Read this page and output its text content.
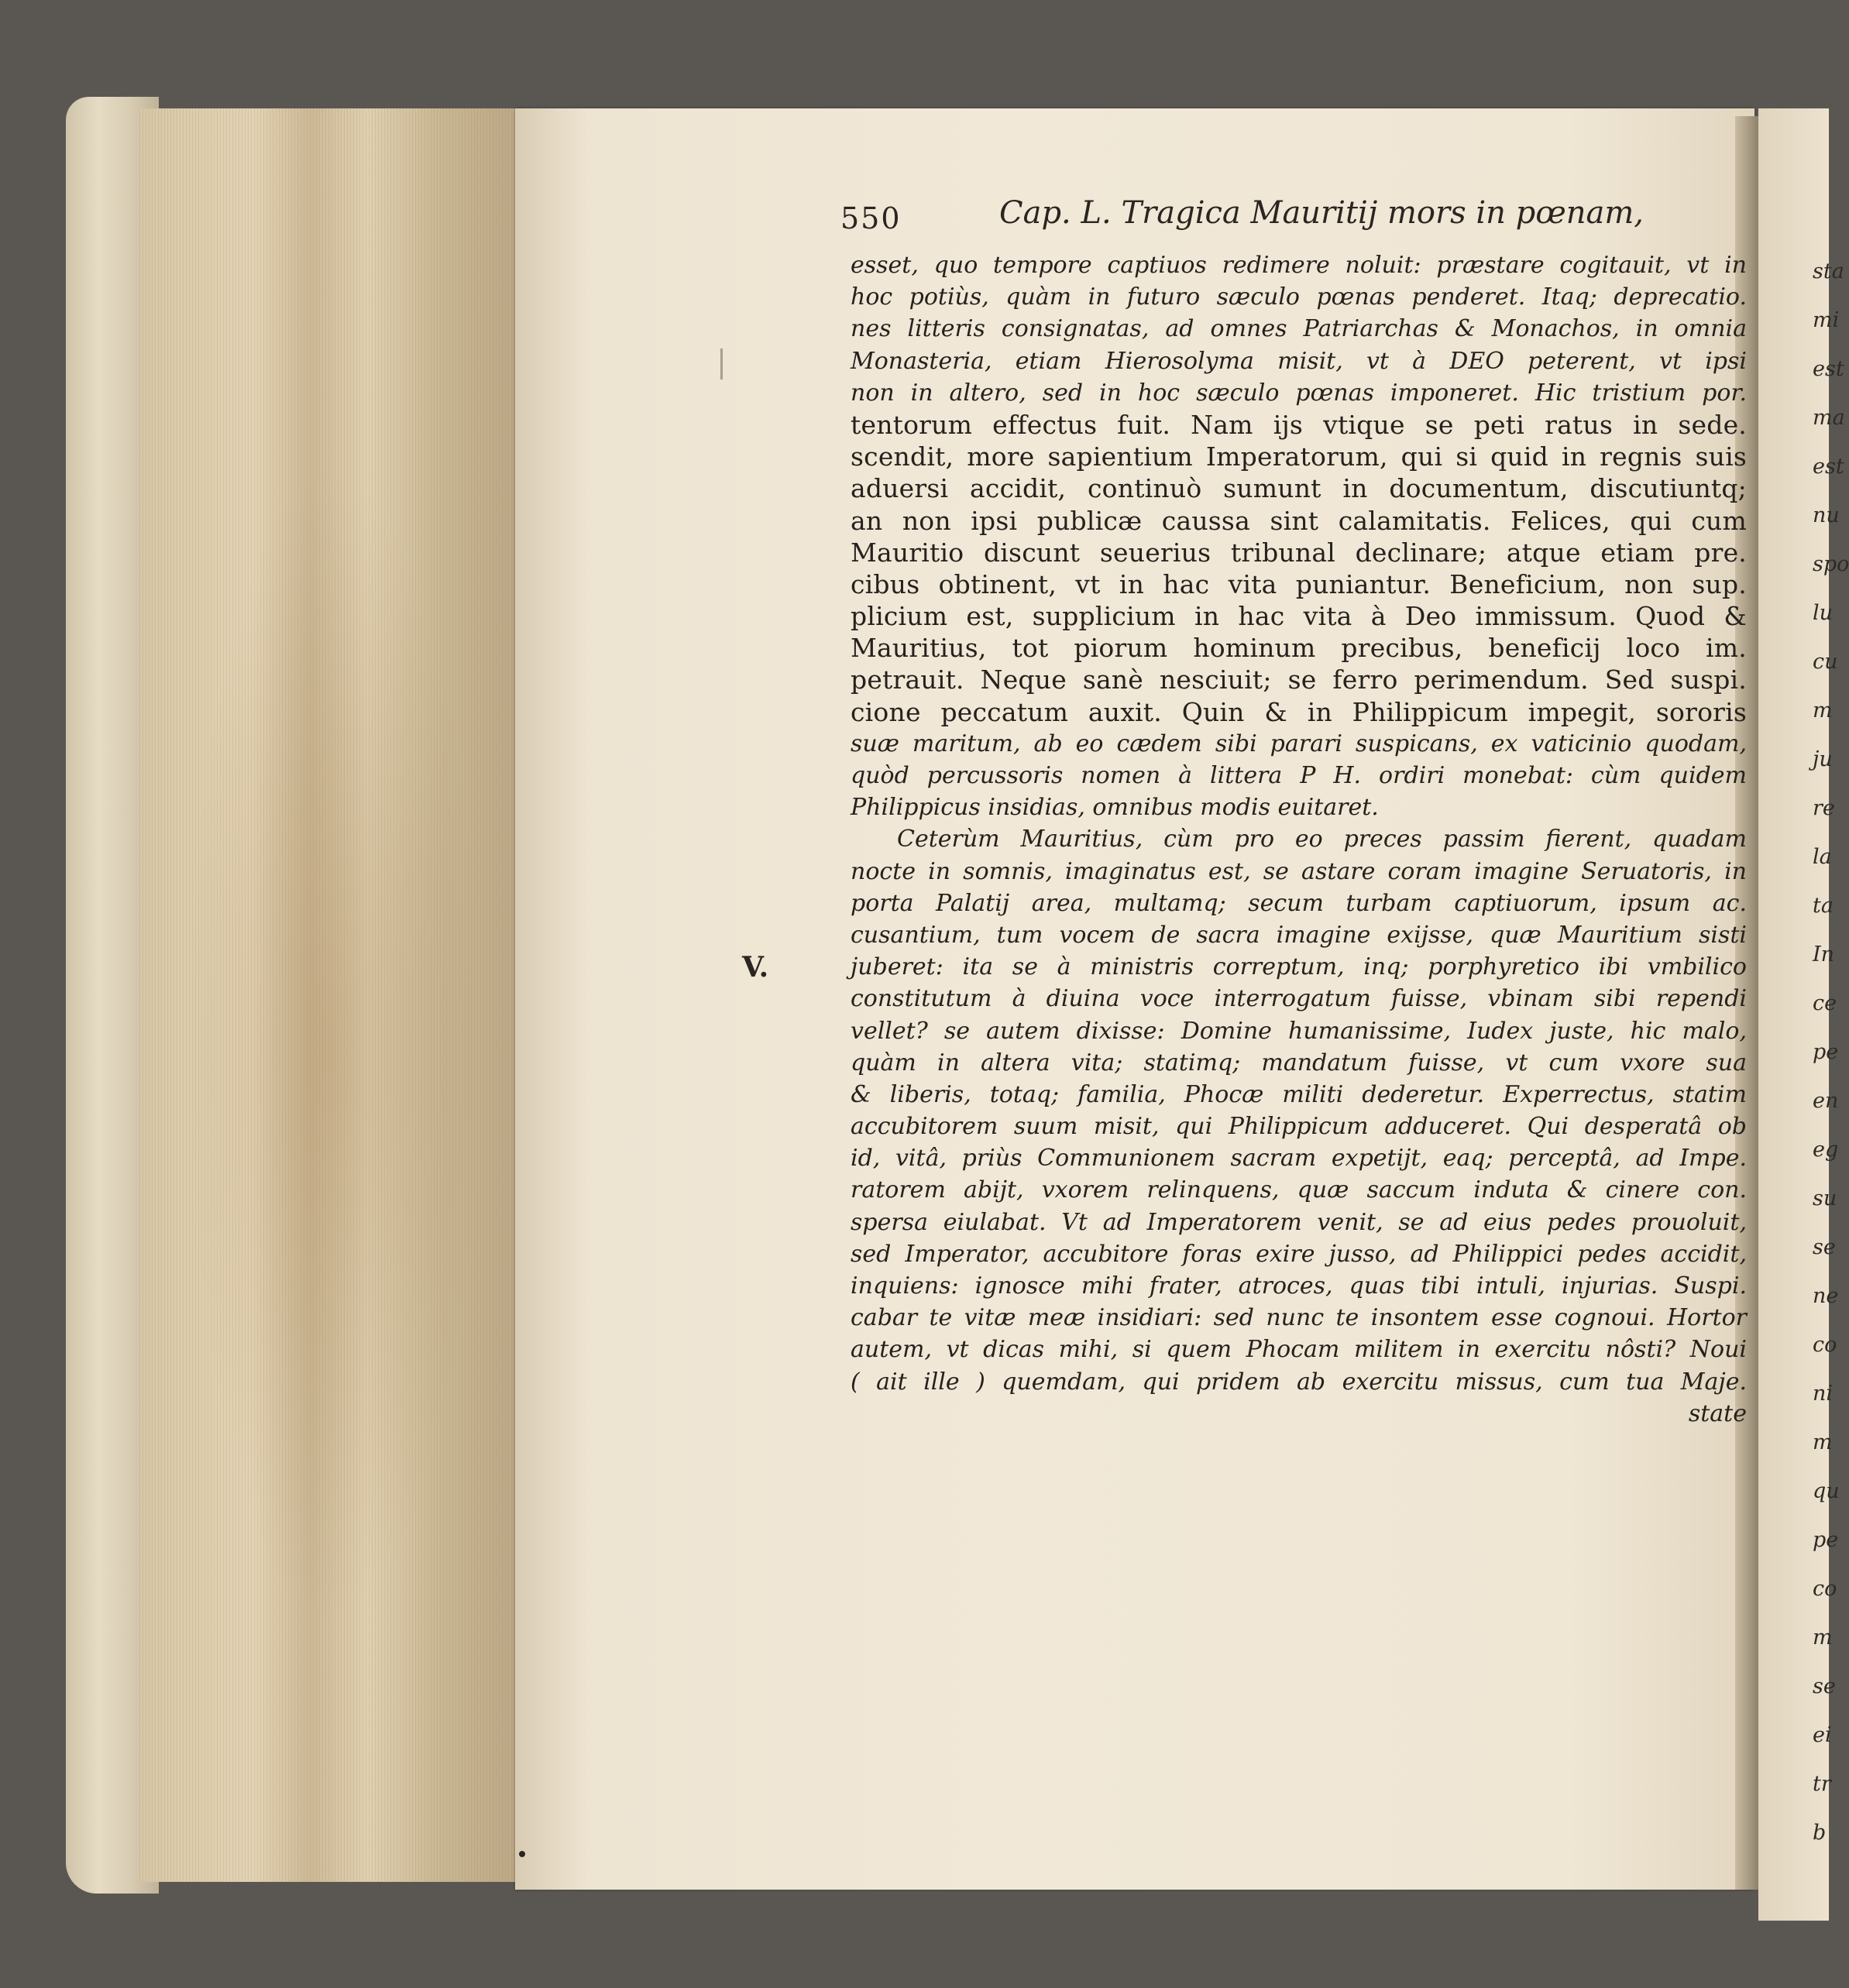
sta
mi
est
ma
est
nu
spo
lu
cu
m
ju
re
la
ta
In
ce
pe
en
eg
su
se
ne
co
ni
m
qu
pe
co
m
se
ei
tr
b
550	Cap. L. Tragica Mauritij mors in pœnam,
V.
esset, quo tempore captiuos redimere noluit: præstare cogitauit, vt in
hoc potiùs, quàm in futuro sæculo pœnas penderet. Itaq; deprecatio.
nes litteris consignatas, ad omnes Patriarchas & Monachos, in omnia
Monasteria, etiam Hierosolyma misit, vt à DEO peterent, vt ipsi
non in altero, sed in hoc sæculo pœnas imponeret. Hic tristium por.
tentorum effectus fuit. Nam ijs vtique se peti ratus in sede.
scendit, more sapientium Imperatorum, qui si quid in regnis suis
aduersi accidit, continuò sumunt in documentum, discutiuntq;
an non ipsi publicæ caussa sint calamitatis. Felices, qui cum
Mauritio discunt seuerius tribunal declinare; atque etiam pre.
cibus obtinent, vt in hac vita puniantur. Beneficium, non sup.
plicium est, supplicium in hac vita à Deo immissum. Quod &
Mauritius, tot piorum hominum precibus, beneficij loco im.
petrauit. Neque sanè nesciuit; se ferro perimendum. Sed suspi.
cione peccatum auxit. Quin & in Philippicum impegit, sororis
suæ maritum, ab eo cædem sibi parari suspicans, ex vaticinio quodam,
quòd percussoris nomen à littera P H. ordiri monebat: cùm quidem
Philippicus insidias, omnibus modis euitaret.
Ceterùm Mauritius, cùm pro eo preces passim fierent, quadam
nocte in somnis, imaginatus est, se astare coram imagine Seruatoris, in
porta Palatij area, multamq; secum turbam captiuorum, ipsum ac.
cusantium, tum vocem de sacra imagine exijsse, quæ Mauritium sisti
juberet: ita se à ministris correptum, inq; porphyretico ibi vmbilico
constitutum à diuina voce interrogatum fuisse, vbinam sibi rependi
vellet? se autem dixisse: Domine humanissime, Iudex juste, hic malo,
quàm in altera vita; statimq; mandatum fuisse, vt cum vxore sua
& liberis, totaq; familia, Phocæ militi dederetur. Experrectus, statim
accubitorem suum misit, qui Philippicum adduceret. Qui desperatâ ob
id, vitâ, priùs Communionem sacram expetijt, eaq; perceptâ, ad Impe.
ratorem abijt, vxorem relinquens, quæ saccum induta & cinere con.
spersa eiulabat. Vt ad Imperatorem venit, se ad eius pedes prouoluit,
sed Imperator, accubitore foras exire jusso, ad Philippici pedes accidit,
inquiens: ignosce mihi frater, atroces, quas tibi intuli, injurias. Suspi.
cabar te vitæ meæ insidiari: sed nunc te insontem esse cognoui. Hortor
autem, vt dicas mihi, si quem Phocam militem in exercitu nôsti? Noui
( ait ille ) quemdam, qui pridem ab exercitu missus, cum tua Maje.
state
